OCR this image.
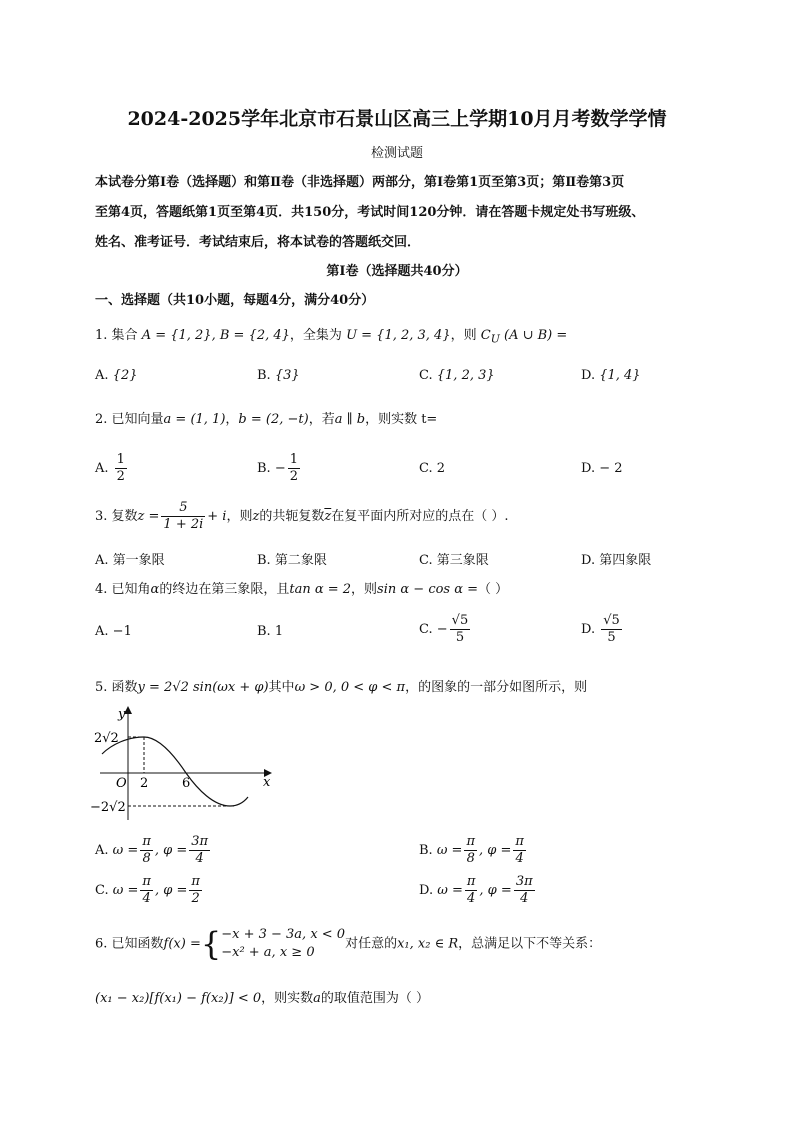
2024-2025学年北京市石景山区高三上学期10月月考数学学情
检测试题
本试卷分第Ⅰ卷（选择题）和第Ⅱ卷（非选择题）两部分，第Ⅰ卷第1页至第3页；第Ⅱ卷第3页
至第4页，答题纸第1页至第4页．共150分，考试时间120分钟．请在答题卡规定处书写班级、
姓名、准考证号．考试结束后，将本试卷的答题纸交回．
第Ⅰ卷（选择题共40分）
一、选择题（共10小题，每题4分，满分40分）
1. 集合 A = {1, 2}, B = {2, 4}，全集为 U = {1, 2, 3, 4}，则 $C_U$ (A ∪ B) =
A. {2}	B. {3}	C. {1, 2, 3}	D. {1, 4}
2. 已知向量a = (1, 1)，b = (2, −t)，若a ∥ b，则实数 t=
A. $\frac{1}{2}$	B. − $\frac{1}{2}$	C. 2	D. − 2
3. 复数$z = \frac{5}{1 + 2i} + i$，则z的共轭复数$\overline{z}$在复平面内所对应的点在（ ）.
A. 第一象限	B. 第二象限	C. 第三象限	D. 第四象限
4. 已知角α的终边在第三象限，且tan α = 2，则sin α − cos α =（ ）
A. −1	B. 1	C. − $\frac{√5}{5}$	D. $\frac{√5}{5}$
5. 函数y = 2√2 sin(ωx + φ)其中ω > 0, 0 < φ < π，的图象的一部分如图所示，则
y
x
O
2√2
−2√2
2	6
A. $\omega = \frac{\pi}{8}$ , $\varphi = \frac{3\pi}{4}$	B. $\omega = \frac{\pi}{8}$ , $\varphi = \frac{\pi}{4}$
C. $\omega = \frac{\pi}{4}$ , $\varphi = \frac{\pi}{2}$	D. $\omega = \frac{\pi}{4}$ , $\varphi = \frac{3\pi}{4}$
6. 已知函数f(x) ={ −x + 3 − 3a, x < 0
−x² + a, x ≥ 0
对任意的x₁, x₂ ∈ R，总满足以下不等关系：
(x₁ − x₂)[f(x₁) − f(x₂)] < 0，则实数a的取值范围为（ ）
